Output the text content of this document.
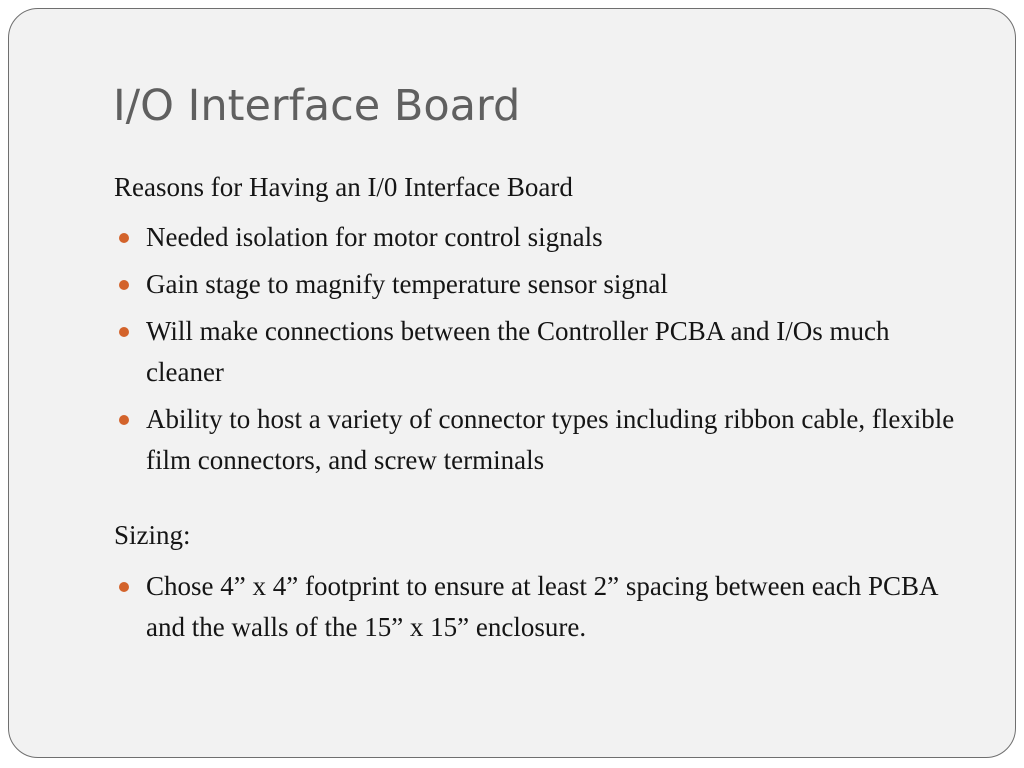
I/O Interface Board

Reasons for Having an I/0 Interface Board

Needed isolation for motor control signals
Gain stage to magnify temperature sensor signal
Will make connections between the Controller PCBA and I/Os much cleaner
Ability to host a variety of connector types including ribbon cable, flexible film connectors, and screw terminals

Sizing:

Chose 4” x 4” footprint to ensure at least 2” spacing between each PCBA and the walls of the 15” x 15” enclosure.
